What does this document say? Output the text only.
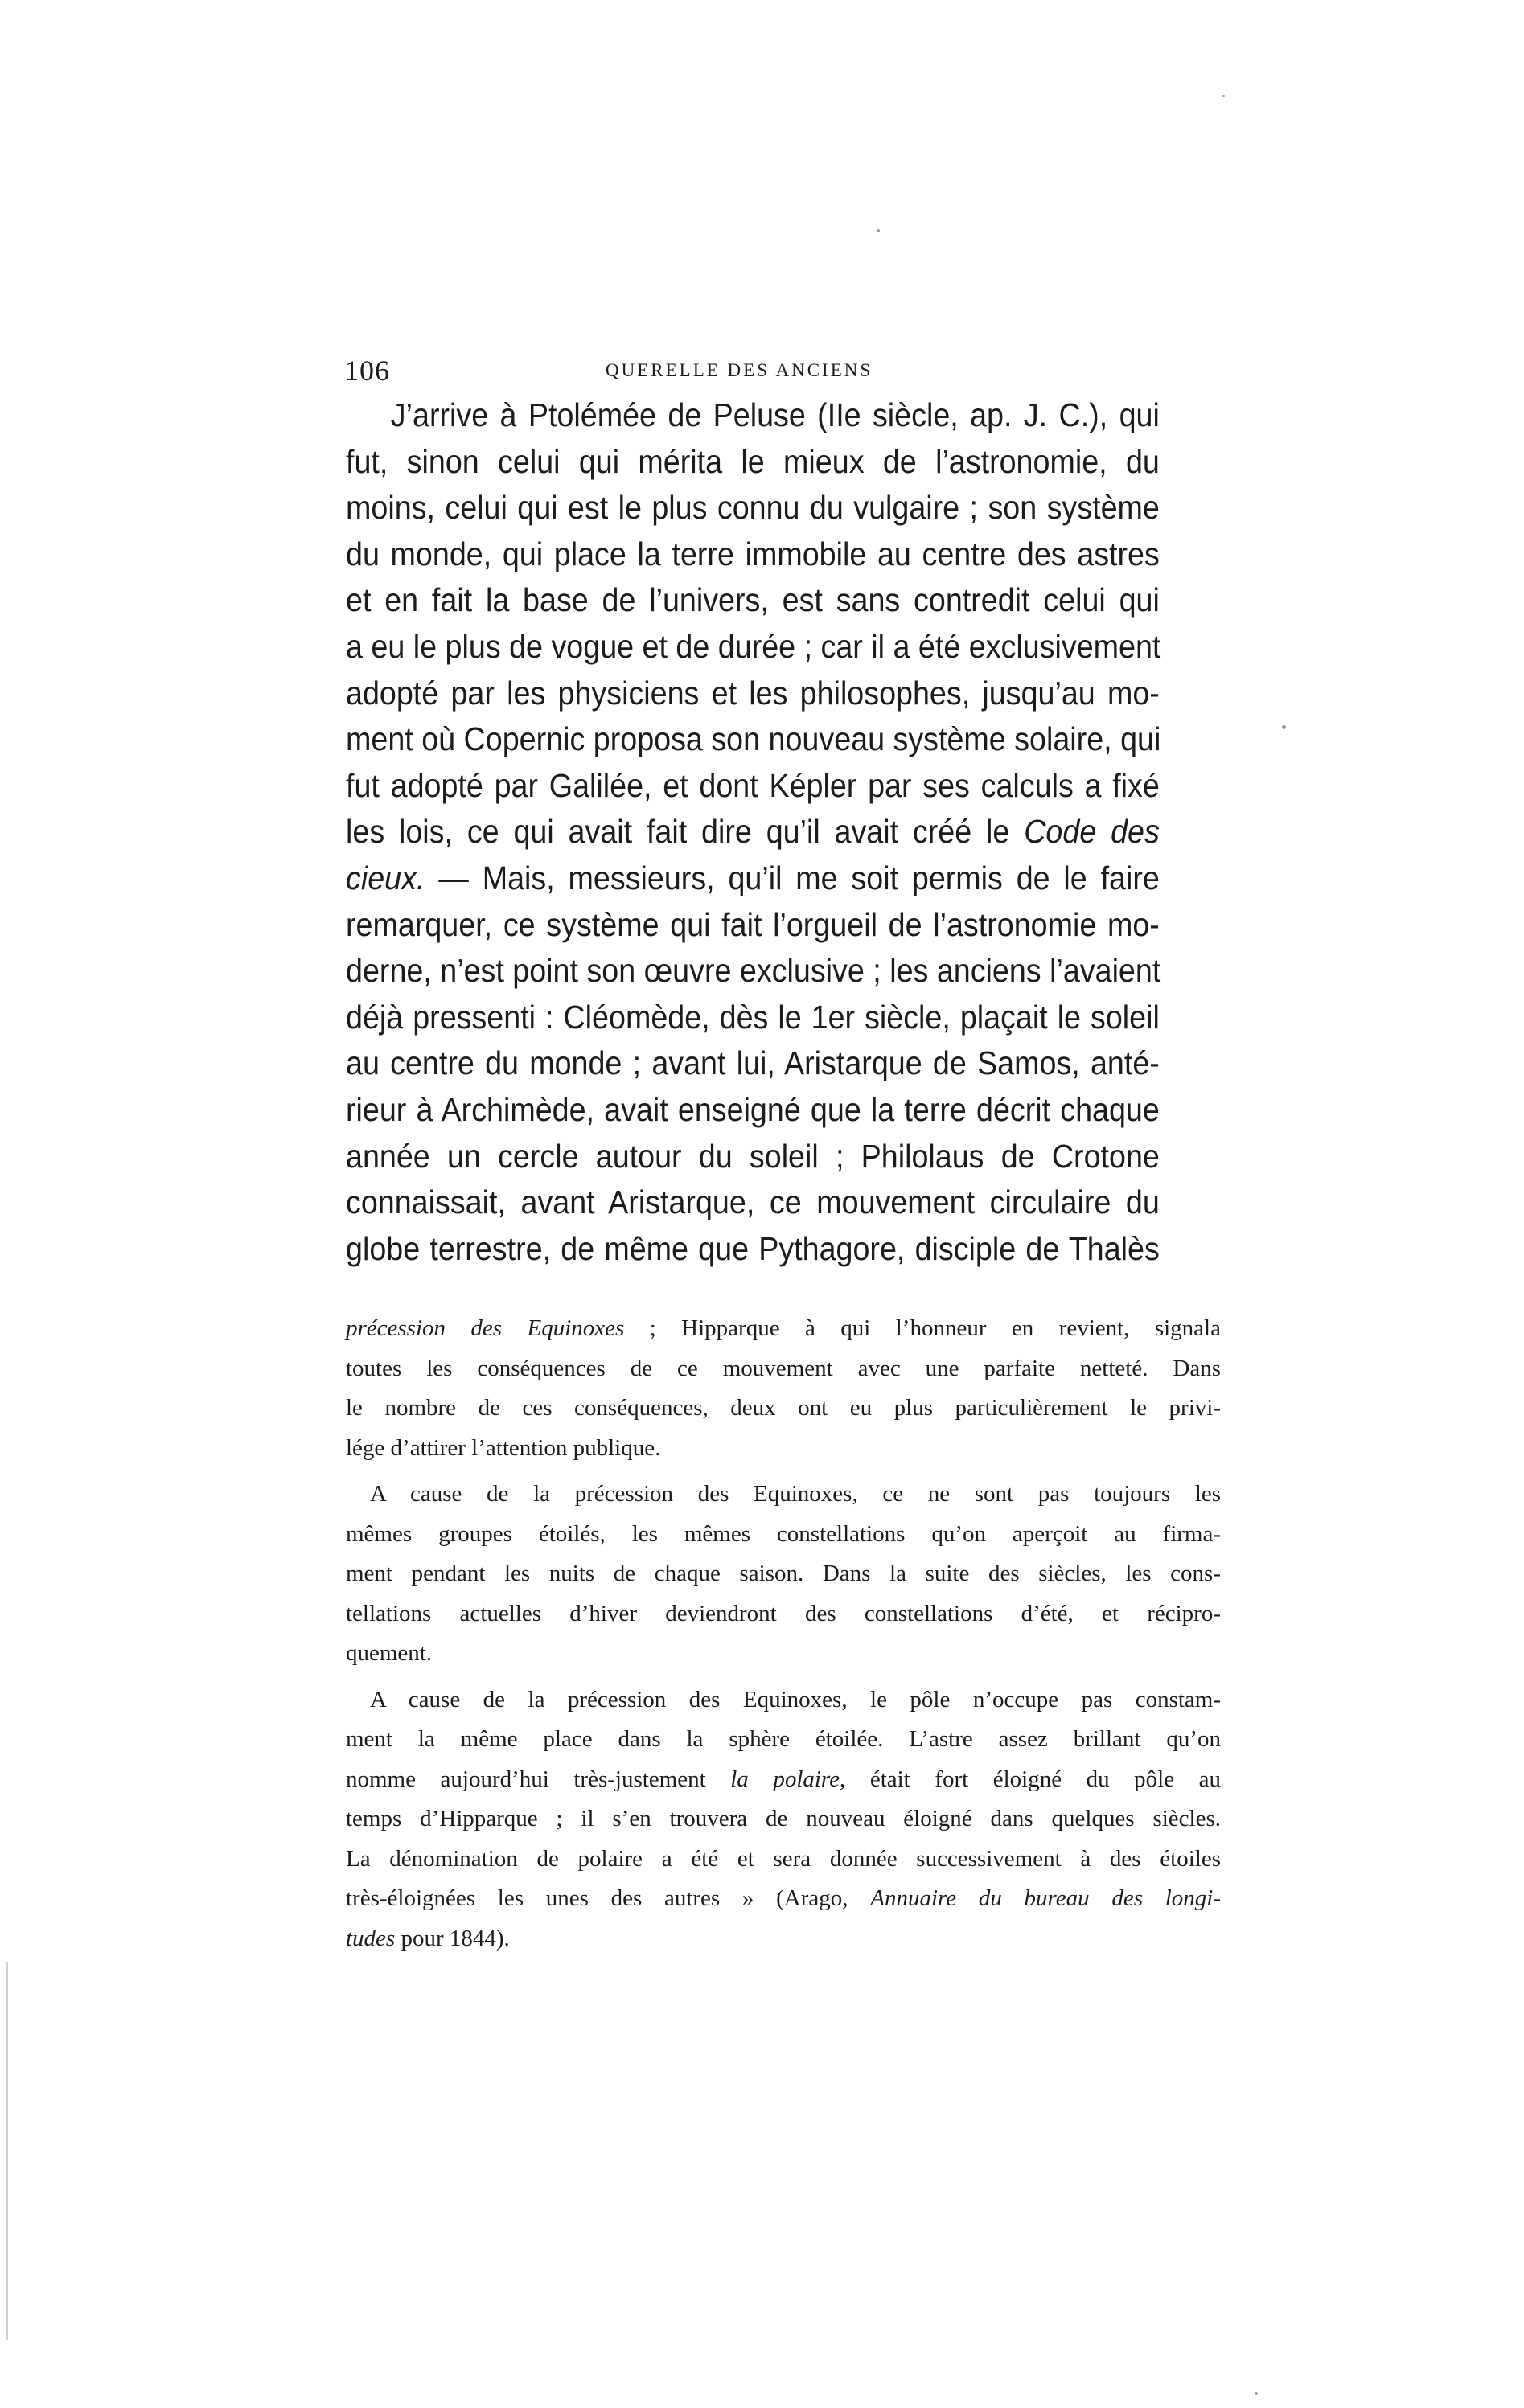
106	QUERELLE DES ANCIENS
J’arrive à Ptolémée de Peluse (IIe siècle, ap. J. C.), qui
fut, sinon celui qui mérita le mieux de l’astronomie, du
moins, celui qui est le plus connu du vulgaire ; son système
du monde, qui place la terre immobile au centre des astres
et en fait la base de l’univers, est sans contredit celui qui
a eu le plus de vogue et de durée ; car il a été exclusivement
adopté par les physiciens et les philosophes, jusqu’au mo-
ment où Copernic proposa son nouveau système solaire, qui
fut adopté par Galilée, et dont Képler par ses calculs a fixé
les lois, ce qui avait fait dire qu’il avait créé le Code des
cieux. — Mais, messieurs, qu’il me soit permis de le faire
remarquer, ce système qui fait l’orgueil de l’astronomie mo-
derne, n’est point son œuvre exclusive ; les anciens l’avaient
déjà pressenti : Cléomède, dès le 1er siècle, plaçait le soleil
au centre du monde ; avant lui, Aristarque de Samos, anté-
rieur à Archimède, avait enseigné que la terre décrit chaque
année un cercle autour du soleil ; Philolaus de Crotone
connaissait, avant Aristarque, ce mouvement circulaire du
globe terrestre, de même que Pythagore, disciple de Thalès
précession des Equinoxes ; Hipparque à qui l’honneur en revient, signala
toutes les conséquences de ce mouvement avec une parfaite netteté. Dans
le nombre de ces conséquences, deux ont eu plus particulièrement le privi-
lége d’attirer l’attention publique.
A cause de la précession des Equinoxes, ce ne sont pas toujours les
mêmes groupes étoilés, les mêmes constellations qu’on aperçoit au firma-
ment pendant les nuits de chaque saison. Dans la suite des siècles, les cons-
tellations actuelles d’hiver deviendront des constellations d’été, et récipro-
quement.
A cause de la précession des Equinoxes, le pôle n’occupe pas constam-
ment la même place dans la sphère étoilée. L’astre assez brillant qu’on
nomme aujourd’hui très-justement la polaire, était fort éloigné du pôle au
temps d’Hipparque ; il s’en trouvera de nouveau éloigné dans quelques siècles.
La dénomination de polaire a été et sera donnée successivement à des étoiles
très-éloignées les unes des autres » (Arago, Annuaire du bureau des longi-
tudes pour 1844).
